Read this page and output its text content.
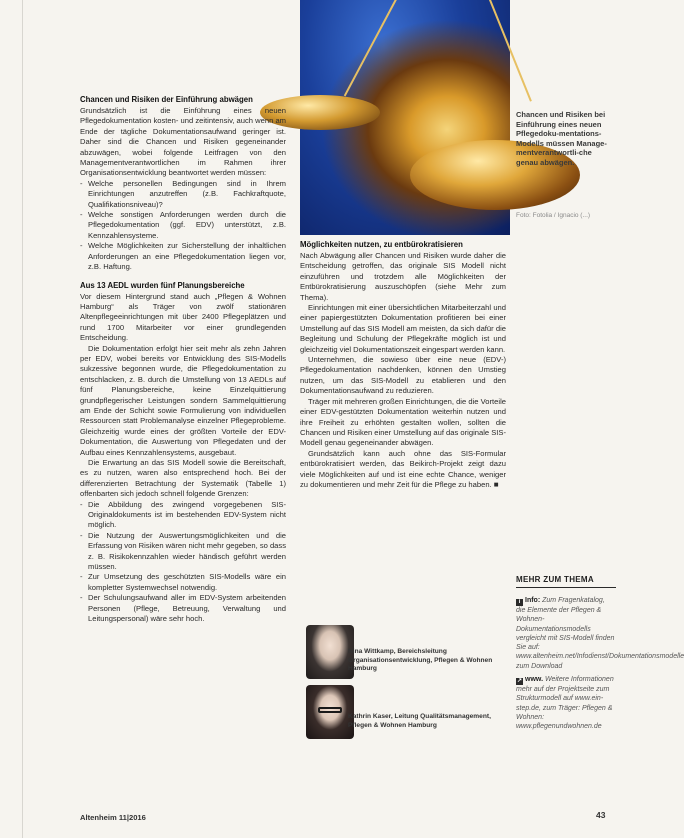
Chancen und Risiken bei Einführung eines neuen Pflegedoku-mentations-Modells müssen Manage-mentverantwortli-che genau abwägen.
Foto: Fotolia / Ignacio (...)
Chancen und Risiken der Einführung abwägen

Grundsätzlich ist die Einführung eines neuen Pflegedokumentation kosten- und zeitintensiv, auch wenn am Ende der tägliche Dokumentationsaufwand geringer ist. Daher sind die Chancen und Risiken gegeneinander abzuwägen, wobei folgende Leitfragen von den Managementverantwortlichen im Rahmen ihrer Organisationsentwicklung beantwortet werden müssen:

- Welche personellen Bedingungen sind in Ihrem Einrichtungen anzutreffen (z.B. Fachkraftquote, Qualifikationsniveau)?
- Welche sonstigen Anforderungen werden durch die Pflegedokumentation (ggf. EDV) unterstützt, z.B. Kennzahlensysteme.
- Welche Möglichkeiten zur Sicherstellung der inhaltlichen Anforderungen an eine Pflegedokumentation liegen vor, z.B. Haftung.
Aus 13 AEDL wurden fünf Planungsbereiche

Vor diesem Hintergrund stand auch „Pflegen & Wohnen Hamburg“ als Träger von zwölf stationären Altenpflegeeinrichtungen mit über 2400 Pflegeplätzen und rund 1700 Mitarbeiter vor einer grundlegenden Entscheidung.

Die Dokumentation erfolgt hier seit mehr als zehn Jahren per EDV, wobei bereits vor Entwicklung des SIS-Modells sukzessive begonnen wurde, die Pflegedokumentation zu entschlacken, z. B. durch die Umstellung von 13 AEDLs auf fünf Planungsbereiche, keine Einzelquittierung grundpflegerischer Leistungen sondern Sammelquittierung am Ende der Schicht sowie Formulierung von individuellen Ressourcen statt Problemanalyse einzelner Pflegeprobleme. Gleichzeitig wurde eines der größten Vorteile der EDV-Dokumentation, die Auswertung von Pflegedaten und der Aufbau eines Kennzahlensystems, ausgebaut.

Die Erwartung an das SIS Modell sowie die Bereitschaft, es zu nutzen, waren also entsprechend hoch. Bei der differenzierten Betrachtung der Systematik (Tabelle 1) offenbarten sich jedoch schnell folgende Grenzen:

- Die Abbildung des zwingend vorgegebenen SIS-Originaldokuments ist im bestehenden EDV-System nicht möglich.
- Die Nutzung der Auswertungsmöglichkeiten und die Erfassung von Risiken wären nicht mehr gegeben, so dass z. B. Risikokennzahlen wieder händisch geführt werden müssen.
- Zur Umsetzung des geschützten SIS-Modells wäre ein kompletter Systemwechsel notwendig.
- Der Schulungsaufwand aller im EDV-System arbeitenden Personen (Pflege, Betreuung, Verwaltung und Leitungspersonal) wäre sehr hoch.
Möglichkeiten nutzen, zu entbürokratisieren

Nach Abwägung aller Chancen und Risiken wurde daher die Entscheidung getroffen, das originale SIS Modell nicht einzuführen und trotzdem alle Möglichkeiten der Entbürokratisierung auszuschöpfen (siehe Mehr zum Thema).

Einrichtungen mit einer übersichtlichen Mitarbeiterzahl und einer papiergestützten Dokumentation profitieren bei einer Umstellung auf das SIS Modell am meisten, da sich dafür die Begleitung und Schulung der Pflegekräfte möglich ist und gleichzeitig viel Dokumentationszeit eingespart werden kann.

Unternehmen, die sowieso über eine neue (EDV-) Pflegedokumentation nachdenken, können den Umstieg nutzen, um das SIS-Modell zu etablieren und den Dokumentationsaufwand zu reduzieren.

Träger mit mehreren großen Einrichtungen, die die Vorteile einer EDV-gestützten Dokumentation weiterhin nutzen und ihre Freiheit zu erhöhten gestalten wollen, sollten die Chancen und Risiken einer Umstellung auf das originale SIS-Modell genau gegeneinander abwägen.

Grundsätzlich kann auch ohne das SIS-Formular entbürokratisiert werden, das Beikirch-Projekt zeigt dazu viele Möglichkeiten auf und ist eine echte Chance, weniger zu dokumentieren und mehr Zeit für die Pflege zu haben. ■

Nina Wittkamp, Bereichsleitung Organisationsentwicklung, Pflegen & Wohnen Hamburg
Kathrin Kaser, Leitung Qualitätsmanagement, Pflegen & Wohnen Hamburg
MEHR ZUM THEMA

i Info: Zum Fragenkatalog, die Elemente der Pflegen & Wohnen-Dokumentationsmodells vergleicht mit SIS-Modell finden Sie auf: www.altenheim.net/Infodienst/Dokumentationsmodelle zum Download

↗ www. Weitere Informationen mehr auf der Projektseite zum Strukturmodell auf www.ein-step.de, zum Träger: Pflegen & Wohnen: www.pflegenundwohnen.de

Altenheim 11|2016	43
